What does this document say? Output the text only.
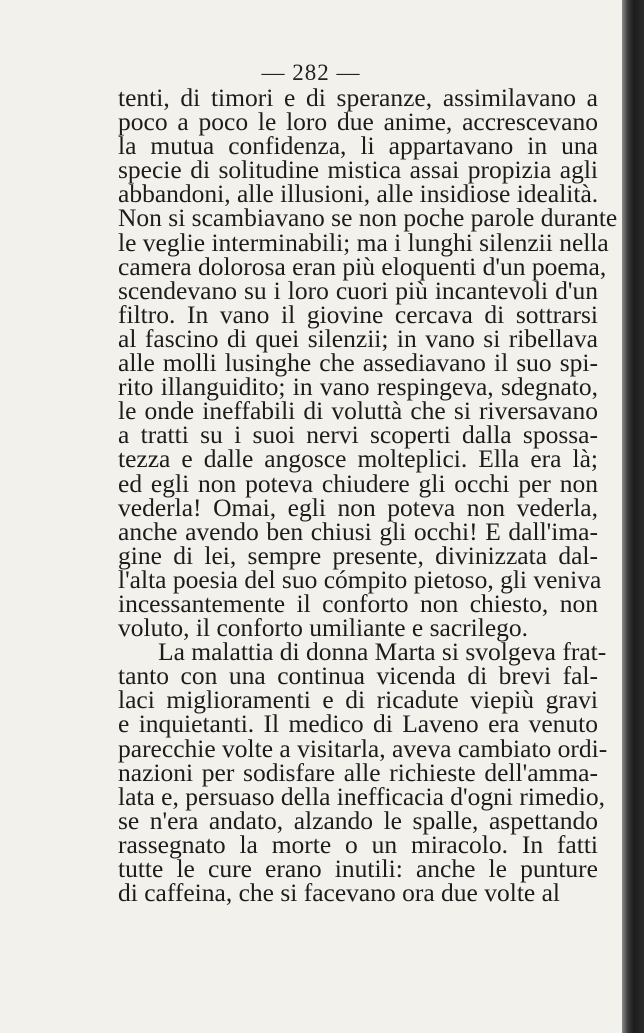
— 282 —
tenti, di timori e di speranze, assimilavano a
poco a poco le loro due anime, accrescevano
la mutua confidenza, li appartavano in una
specie di solitudine mistica assai propizia agli
abbandoni, alle illusioni, alle insidiose idealità.
Non si scambiavano se non poche parole durante
le veglie interminabili; ma i lunghi silenzii nella
camera dolorosa eran più eloquenti d'un poema,
scendevano su i loro cuori più incantevoli d'un
filtro. In vano il giovine cercava di sottrarsi
al fascino di quei silenzii; in vano si ribellava
alle molli lusinghe che assediavano il suo spi-
rito illanguidito; in vano respingeva, sdegnato,
le onde ineffabili di voluttà che si riversavano
a tratti su i suoi nervi scoperti dalla spossa-
tezza e dalle angosce molteplici. Ella era là;
ed egli non poteva chiudere gli occhi per non
vederla! Omai, egli non poteva non vederla,
anche avendo ben chiusi gli occhi! E dall'ima-
gine di lei, sempre presente, divinizzata dal-
l'alta poesia del suo cómpito pietoso, gli veniva
incessantemente il conforto non chiesto, non
voluto, il conforto umiliante e sacrilego.
La malattia di donna Marta si svolgeva frat-
tanto con una continua vicenda di brevi fal-
laci miglioramenti e di ricadute viepiù gravi
e inquietanti. Il medico di Laveno era venuto
parecchie volte a visitarla, aveva cambiato ordi-
nazioni per sodisfare alle richieste dell'amma-
lata e, persuaso della inefficacia d'ogni rimedio,
se n'era andato, alzando le spalle, aspettando
rassegnato la morte o un miracolo. In fatti
tutte le cure erano inutili: anche le punture
di caffeina, che si facevano ora due volte al
